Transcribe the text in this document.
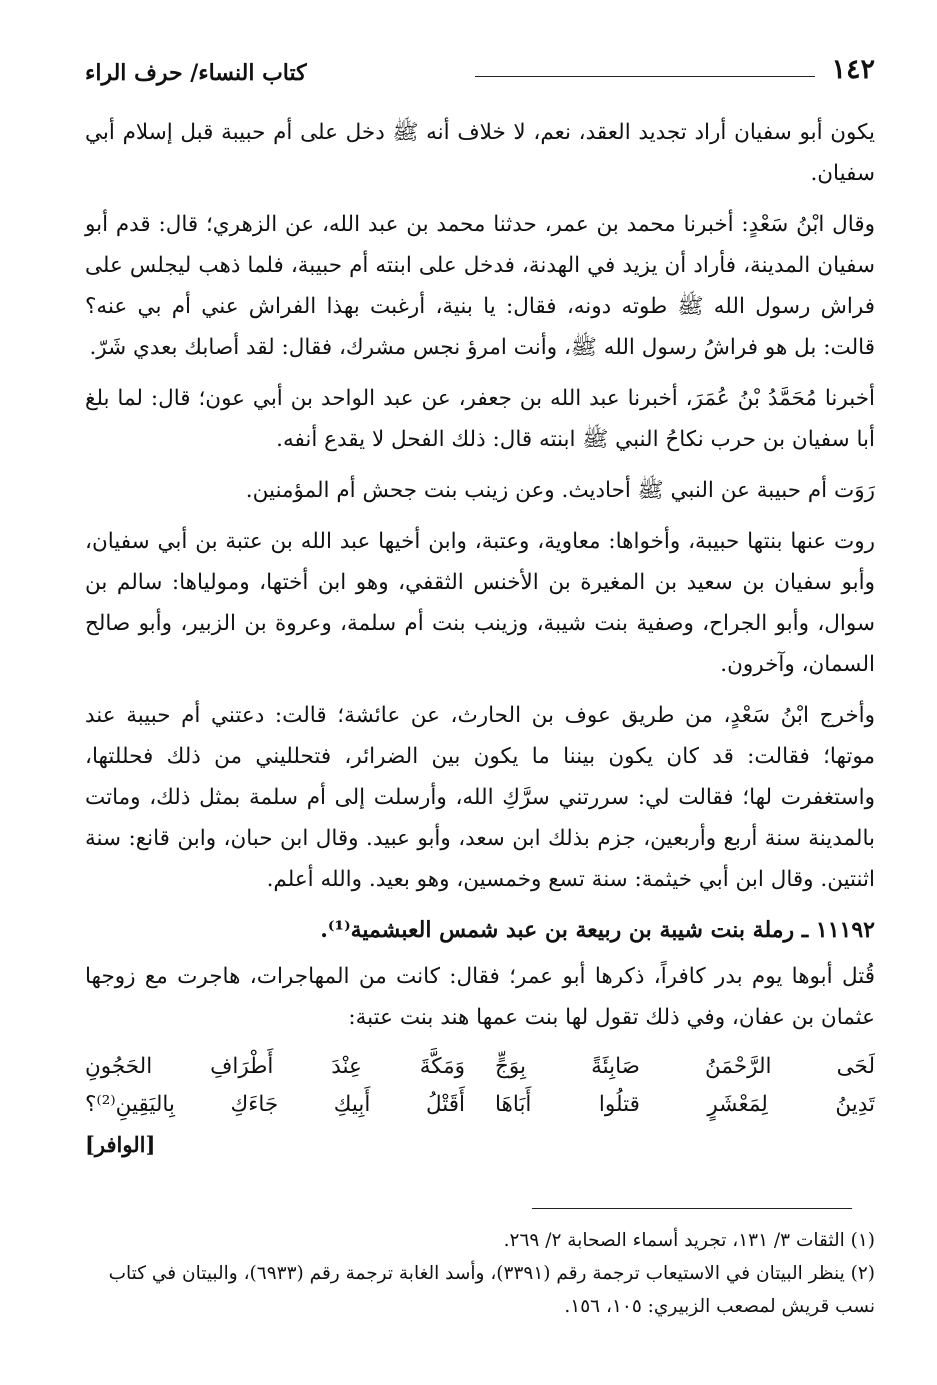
١٤٢
كتاب النساء/ حرف الراء

يكون أبو سفيان أراد تجديد العقد، نعم، لا خلاف أنه ﷺ دخل على أم حبيبة قبل إسلام أبي سفيان.

وقال ابْنُ سَعْدٍ: أخبرنا محمد بن عمر، حدثنا محمد بن عبد الله، عن الزهري؛ قال: قدم أبو سفيان المدينة، فأراد أن يزيد في الهدنة، فدخل على ابنته أم حبيبة، فلما ذهب ليجلس على فراش رسول الله ﷺ طوته دونه، فقال: يا بنية، أرغبت بهذا الفراش عني أم بي عنه؟ قالت: بل هو فراشُ رسول الله ﷺ، وأنت امرؤ نجس مشرك، فقال: لقد أصابك بعدي شَرّ.

أخبرنا مُحَمَّدُ بْنُ عُمَرَ، أخبرنا عبد الله بن جعفر، عن عبد الواحد بن أبي عون؛ قال: لما بلغ أبا سفيان بن حرب نكاحُ النبي ﷺ ابنته قال: ذلك الفحل لا يقدع أنفه.

رَوَت أم حبيبة عن النبي ﷺ أحاديث. وعن زينب بنت جحش أم المؤمنين.

روت عنها بنتها حبيبة، وأخواها: معاوية، وعتبة، وابن أخيها عبد الله بن عتبة بن أبي سفيان، وأبو سفيان بن سعيد بن المغيرة بن الأخنس الثقفي، وهو ابن أختها، ومولياها: سالم بن سوال، وأبو الجراح، وصفية بنت شيبة، وزينب بنت أم سلمة، وعروة بن الزبير، وأبو صالح السمان، وآخرون.

وأخرج ابْنُ سَعْدٍ، من طريق عوف بن الحارث، عن عائشة؛ قالت: دعتني أم حبيبة عند موتها؛ فقالت: قد كان يكون بيننا ما يكون بين الضرائر، فتحلليني من ذلك فحللتها، واستغفرت لها؛ فقالت لي: سررتني سرَّكِ الله، وأرسلت إلى أم سلمة بمثل ذلك، وماتت بالمدينة سنة أربع وأربعين، جزم بذلك ابن سعد، وأبو عبيد. وقال ابن حبان، وابن قانع: سنة اثنتين. وقال ابن أبي خيثمة: سنة تسع وخمسين، وهو بعيد. والله أعلم.

١١١٩٢ ـ رملة بنت شيبة بن ربيعة بن عبد شمس العبشمية⁽¹⁾.

قُتل أبوها يوم بدر كافراً، ذكرها أبو عمر؛ فقال: كانت من المهاجرات، هاجرت مع زوجها عثمان بن عفان، وفي ذلك تقول لها بنت عمها هند بنت عتبة:

لَحَى الرَّحْمَنُ صَابِئَةً بِوَجٍّ
وَمَكَّةَ عِنْدَ أَطْرَافِ الحَجُونِ
تَدِينُ لِمَعْشَرٍ قتلُوا أَبَاهَا
أَقَتْلُ أَبِيكِ جَاءَكِ بِاليَقِينِ⁽²⁾؟
[الوافر]

(١) الثقات ٣/ ١٣١، تجريد أسماء الصحابة ٢/ ٢٦٩.

(٢) ينظر البيتان في الاستيعاب ترجمة رقم (٣٣٩١)، وأسد الغابة ترجمة رقم (٦٩٣٣)، والبيتان في كتاب نسب قريش لمصعب الزبيري: ١٠٥، ١٥٦.
